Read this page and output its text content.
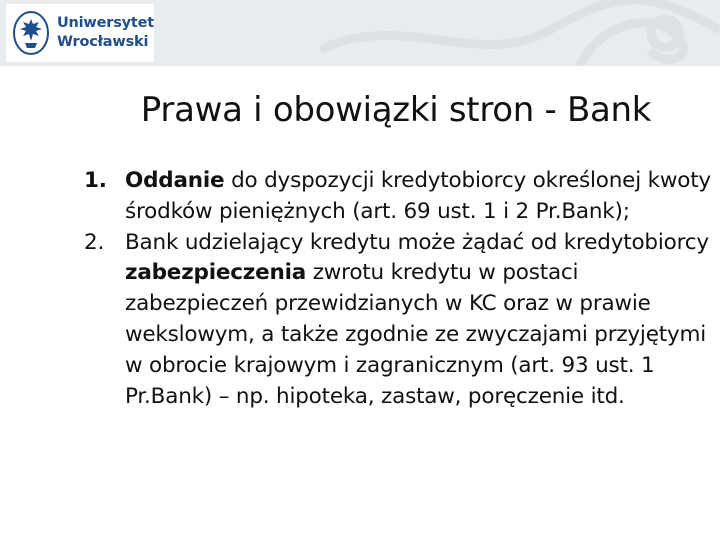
Uniwersytet
Wrocławski
Prawa i obowiązki stron - Bank
1. Oddanie do dyspozycji kredytobiorcy określonej kwoty środków pieniężnych (art. 69 ust. 1 i 2 Pr.Bank);
2. Bank udzielający kredytu może żądać od kredytobiorcy zabezpieczenia zwrotu kredytu w postaci zabezpieczeń przewidzianych w KC oraz w prawie wekslowym, a także zgodnie ze zwyczajami przyjętymi w obrocie krajowym i zagranicznym (art. 93 ust. 1 Pr.Bank) – np. hipoteka, zastaw, poręczenie itd.
